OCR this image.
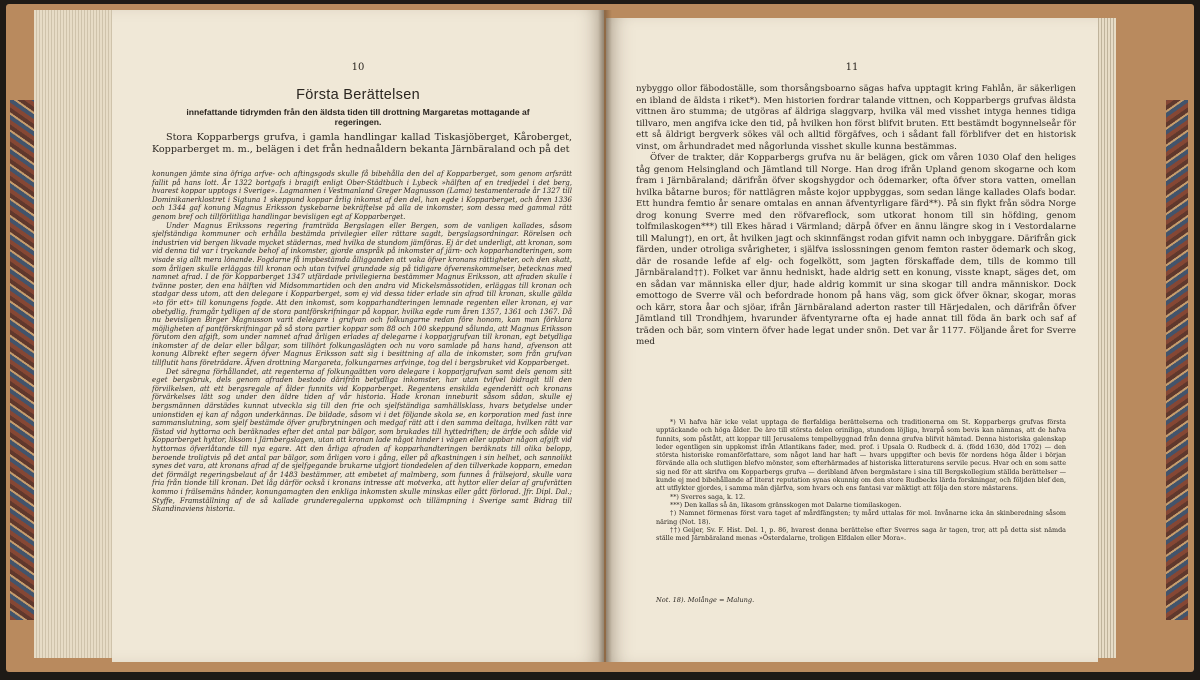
10
Första Berättelsen
innefattande tidrymden från den äldsta tiden till drottning Margaretas mottagande af regeringen.
Stora Kopparbergs grufva, i gamla handlingar kallad Tiskasjöberget, Kåroberget, Kopparberget m. m., belägen i det från hednaåldern bekanta Järnbäraland och på det

konungen jämte sina öfriga arfve- och aftingsgods skulle få bibehålla den del af Kopparberget, som genom arfsrätt fallit på hans lott. År 1322 bortgafs i bragift enligt Ober-Städtbuch i Lybeck »hälften af en tredjedel i det berg, hvarest koppar upptogs i Sverige». Lagmannen i Vestmanland Greger Magnusson (Lama) testamenterade år 1327 till Dominikanerklostret i Sigtuna 1 skeppund koppar årlig inkomst af den del, han egde i Kopparberget, och åren 1336 och 1344 gaf konung Magnus Eriksson tyskebarne bekräftelse på alla de inkomster, som dessa med gammal rätt genom bref och tillförlitliga handlingar bevisligen egt af Kopparberget.

Under Magnus Erikssons regering framträda Bergslagen eller Bergen, som de vanligen kallades, såsom sjelfständiga kommuner och erhålla bestämda privilegier eller rättare sagdt, bergslagsordningar. Rörelsen och industrien vid bergen likvade mycket städernas, med hvilka de stundom jämföras. Ej är det underligt, att kronan, som vid denna tid var i tryckande behof af inkomster, gjorde anspråk på inkomster af järn- och kopparhandteringen, som visade sig allt mera lönande. Fogdarne få impbestämda ålligganden att vaka öfver kronans rättigheter, och den skatt, som årligen skulle erläggas till kronan och utan tvifvel grundade sig på tidigare öfverenskommelser, betecknas med namnet afrad. I de för Kopparberget 1347 utfärdade privilegierna bestämmer Magnus Eriksson, att afraden skulle i tvänne poster, den ena hälften vid Midsommartiden och den andra vid Mickelsmässotiden, erläggas till kronan och stadgar dess utom, att den delegare i Kopparberget, som ej vid dessa tider erlade sin afrad till kronan, skulle gälda »to för ett» till konungens fogde. Att den inkomst, som kopparhandteringen lemnade regenten eller kronan, ej var obetydlig, framgår tydligen af de stora pantförskrifningar på koppar, hvilka egde rum åren 1357, 1361 och 1367. Då nu bevisligen Birger Magnusson varit delegare i grufvan och folkungarne redan före honom, kan man förklara möjligheten af pantförskrifningar på så stora partier koppar som 88 och 100 skeppund sålunda, att Magnus Eriksson förutom den afgift, som under namnet afrad årligen erlades af delegarne i kopparjgrufvan till kronan, egt betydliga inkomster af de delar eller bålgar, som tillhört folkungaslägten och nu voro samlade på hans hand, afvenson att konung Albrekt efter segern öfver Magnus Eriksson satt sig i besittning af alla de inkomster, som från grufvan tillflutit hans företrädare. Äfven drottning Margareta, folkungarnes arfvinge, tog del i bergsbruket vid Kopparberget.

Det säregna förhållandet, att regenterna af folkungaätten voro delegare i kopparjgrufvan samt dels genom sitt eget bergsbruk, dels genom afraden bestodo därifrån betydliga inkomster, har utan tvifvel bidragit till den förvilkelsen, att ett bergsregale af ålder funnits vid Kopparberget. Regentens enskilda egenderätt och kronans förvärkelses lätt sog under den äldre tiden af vår historia. Hade kronan inneburit såsom sådan, skulle ej bergsmännen därstädes kunnat utveckla sig till den frie och sjelfständiga samhällsklass, hvars betydelse under unionstiden ej kan af någon underkännas. De bildade, såsom vi i det följande skola se, en korporation med fast inre sammanslutning, som sjelf bestämde öfver grufbrytningen och medgaf rätt att i den samma deltaga, hvilken rätt var fästad vid hyttorna och beräknades efter det antal par bälgor, som brukades till hyttedriften; de ärfde och sålde vid Kopparberget hyttor, liksom i Järnbergslagen, utan att kronan lade något hinder i vägen eller uppbar någon afgift vid hyttornas öfverlåtande till nya egare. Att den årliga afraden af kopparhandteringen beräknats till olika belopp, beroende troligtvis på det antal par bälgor, som årligen voro i gång, eller på afkastningen i sin helhet, och sannolikt synes det vara, att kronans afrad af de sjelfgegande brukarne utgjort tiondedelen af den tillverkade kopparn, emedan det förmälgt regeringsbelaut af år 1483 bestämmer, att embetet af malmberg, som funnes å frälsejord, skulle vara fria från tionde till kronan. Det låg därför också i kronans intresse att motverka, att hyttor eller delar af grufvrätten kommo i frälsemäns händer, konungamagten den enkliga inkomsten skulle minskas eller gått förlorad. Jfr. Dipl. Dal.; Styffe, Framställning af de så kallade grunderegalerna uppkomst och tillämpning i Sverige samt Bidrag till Skandinaviens historia.

11

nybyggo ollor fäbodoställe, som thorsångsboarno sägas hafva upptagit kring Fahlån, är säkerligen en ibland de äldsta i riket*). Men historien fordrar talande vittnen, och Kopparbergs grufvas äldsta vittnen äro stumma; de utgöras af äldriga slaggvarp, hvilka väl med visshet intyga hennes tidiga tillvaro, men angifva icke den tid, på hvilken hon först blifvit bruten. Ett bestämdt bogynnelseår för ett så äldrigt bergverk sökes väl och alltid förgäfves, och i sådant fall förblifver det en historisk vinst, om århundradet med någorlunda visshet skulle kunna bestämmas.

Öfver de trakter, där Kopparbergs grufva nu är belägen, gick om våren 1030 Olaf den heliges tåg genom Helsingland och Jämtland till Norge. Han drog ifrån Upland genom skogarne och kom fram i Järnbäraland; därifrån öfver skogshygdor och ödemarker, ofta öfver stora vatten, omellan hvilka båtarne buros; för nattlägren måste kojor uppbyggas, som sedan länge kallades Olafs bodar. Ett hundra femtio år senare omtalas en annan äfventyrligare färd**). På sin flykt från södra Norge drog konung Sverre med den röfvareflock, som utkorat honom till sin höfding, genom tolfmilaskogen***) till Ekes härad i Värmland; därpå öfver en ännu längre skog in i Vestordalarne till Malung†), en ort, åt hvilken jagt och skinnfängst rodan gifvit namn och inbyggare. Därifrån gick färden, under otroliga svårigheter, i själfva isslossningen genom femton raster ödemark och skog, där de rosande lefde af elg- och fogelkött, som jagten förskaffade dem, tills de kommo till Järnbäraland††). Folket var ännu hedniskt, hade aldrig sett en konung, visste knapt, säges det, om en sådan var människa eller djur, hade aldrig kommit ur sina skogar till andra människor. Dock emottogo de Sverre väl och befordrade honom på hans väg, som gick öfver öknar, skogar, moras och kärr, stora åar och sjöar, ifrån Järnbäraland aderton raster till Härjedalen, och därifrån öfver Jämtland till Trondhjem, hvarunder äfventyrarne ofta ej hade annat till föda än bark och saf af träden och bär, som vintern öfver hade legat under snön. Det var år 1177. Följande året for Sverre med

*) Vi hafva här icke velat upptaga de flerfaldiga berättelserna och traditionerna om St. Kopparbergs grufvas första upptäckande och höga ålder. De äro till största delen oriniliga, stundom löjliga, hvarpå som bevis kan nämnas, att de hafva funnits, som påstått, att koppar till Jerusalems tempelbyggnad från denna grufva blifvit hämtad. Denna historiska galenskap leder egentligen sin uppkomst ifrån Atlantikans fader, med. prof. i Upsala O. Rudbeck d. ä. (född 1630, död 1702) — den största historiske romanförfattare, som något land har haft — hvars uppgifter och bevis för nordens höga ålder i början förvände alla och slutligen blefvo mönster, som efterhärmades af historiska litteraturens servile pecus. Hvar och en som satte sig ned för att skrifva om Kopparbergs grufva — deribland äfven bergmästare i sina till Bergskollegium ställda berättelser — kunde ej med bibehållande af literat reputation synas okunnig om den store Rudbecks lärda forskningar, och följden blef den, att utflykter gjordes, i samma män djärfva, som hvars och ens fantasi var mäktigt att följa den store mästarens.

**) Sverres saga, k. 12.

***) Den kallas så än, likasom gränsskogen mot Dalarne tiomilaskogen.

†) Namnet förmenas först vara taget af mårdfängsten; ty mård uttalas för mol. Invånarne icka än skinberedning såsom näring (Not. 18).

††) Geijer, Sv. F. Hist. Del. 1, p. 86, hvarest denna berättelse efter Sverres saga är tagen, tror, att på detta sist nämda ställe med Järnbäraland menas »Österdalarne, troligen Elfdalen eller Mora».

Not. 18). Molånge = Malung.
